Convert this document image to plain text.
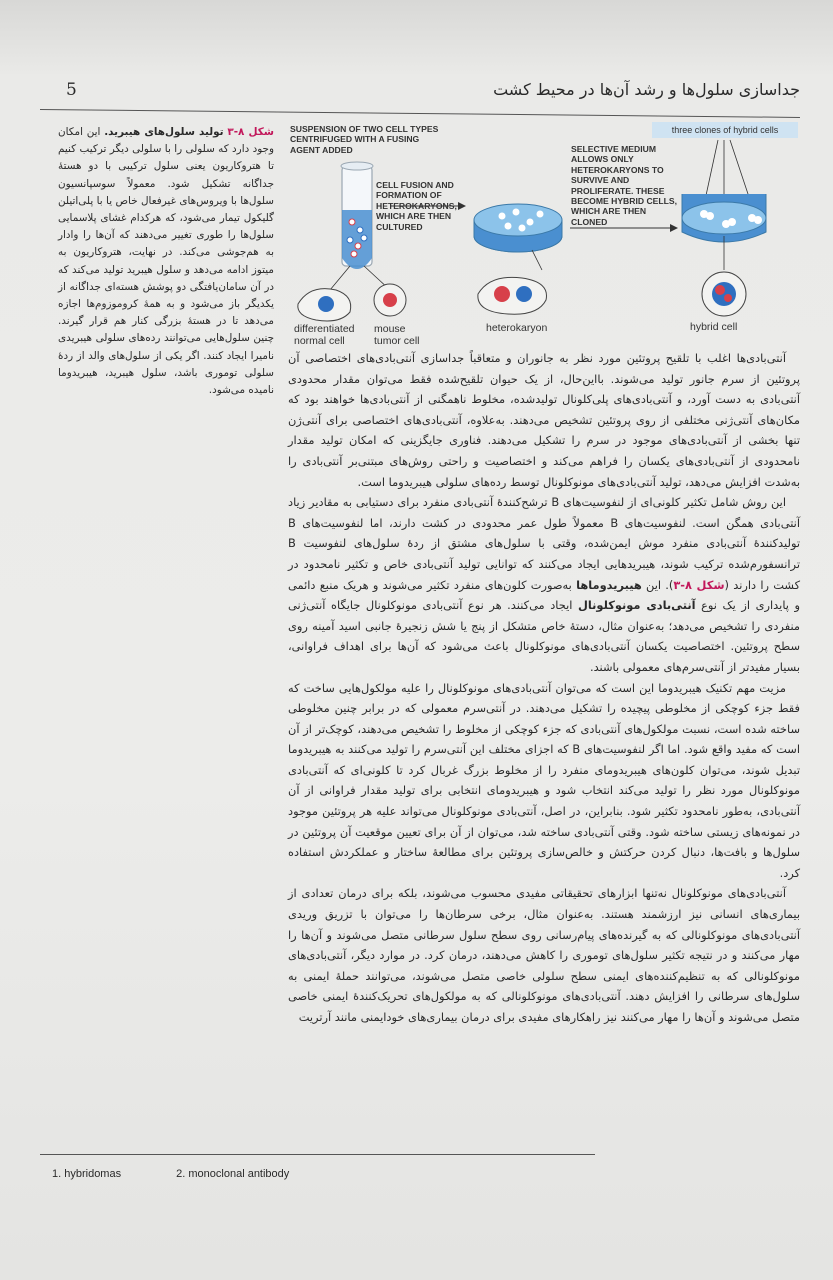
5	جداسازی سلول‌ها و رشد آن‌ها در محیط کشت
شکل ۸-۳ تولید سلول‌های هیبرید. این امکان وجود دارد که سلولی را با سلولی دیگر ترکیب کنیم تا هتروکاریون یعنی سلول ترکیبی با دو هستهٔ جداگانه تشکیل شود. معمولاً سوسپانسیون سلول‌ها با ویروس‌های غیرفعال خاص یا با پلی‌اتیلن گلیکول تیمار می‌شود، که هرکدام غشای پلاسمایی سلول‌ها را طوری تغییر می‌دهند که آن‌ها را وادار به هم‌جوشی می‌کند. در نهایت، هتروکاریون به میتوز ادامه می‌دهد و سلول هیبرید تولید می‌کند که در آن سامان‌یافتگی دو پوشش هسته‌ای جداگانه از یکدیگر باز می‌شود و به همهٔ کروموزوم‌ها اجازه می‌دهد تا در هستهٔ بزرگی کنار هم قرار گیرند. چنین سلول‌هایی می‌توانند رده‌های سلولی هیبریدی نامیرا ایجاد کنند. اگر یکی از سلول‌های والد از ردهٔ سلولی توموری باشد، سلول هیبرید، هیبریدوما نامیده می‌شود.
SUSPENSION OF TWO CELL TYPES CENTRIFUGED WITH A FUSING AGENT ADDED
CELL FUSION AND FORMATION OF HETEROKARYONS, WHICH ARE THEN CULTURED
SELECTIVE MEDIUM ALLOWS ONLY HETEROKARYONS TO SURVIVE AND PROLIFERATE. THESE BECOME HYBRID CELLS, WHICH ARE THEN CLONED
three clones of hybrid cells
differentiated normal cell
mouse tumor cell
heterokaryon	hybrid cell

آنتی‌بادی‌ها اغلب با تلقیح پروتئین مورد نظر به جانوران و متعاقباً جداسازی آنتی‌بادی‌های اختصاصی آن پروتئین از سرم جانور تولید می‌شوند. بااین‌حال، از یک حیوان تلقیح‌شده فقط می‌توان مقدار محدودی آنتی‌بادی به دست آورد، و آنتی‌بادی‌های پلی‌کلونال تولیدشده، مخلوط ناهمگنی از آنتی‌بادی‌ها خواهند بود که مکان‌های آنتی‌ژنی مختلفی از روی پروتئین تشخیص می‌دهند. به‌علاوه، آنتی‌بادی‌های اختصاصی برای آنتی‌ژن تنها بخشی از آنتی‌بادی‌های موجود در سرم را تشکیل می‌دهند. فناوری جایگزینی که امکان تولید مقدار نامحدودی از آنتی‌بادی‌های یکسان را فراهم می‌کند و اختصاصیت و راحتی روش‌های مبتنی‌بر آنتی‌بادی را به‌شدت افزایش می‌دهد، تولید آنتی‌بادی‌های مونوکلونال توسط رده‌های سلولی هیبریدوما است.

این روش شامل تکثیر کلونی‌ای از لنفوسیت‌های B ترشح‌کنندهٔ آنتی‌بادی منفرد برای دستیابی به مقادیر زیاد آنتی‌بادی همگن است. لنفوسیت‌های B معمولاً طول عمر محدودی در کشت دارند، اما لنفوسیت‌های B تولیدکنندهٔ آنتی‌بادی منفرد موش ایمن‌شده، وقتی با سلول‌های مشتق از ردهٔ سلول‌های لنفوسیت B ترانسفورم‌شده ترکیب شوند، هیبریدهایی ایجاد می‌کنند که توانایی تولید آنتی‌بادی خاص و تکثیر نامحدود در کشت را دارند (شکل ۸-۳). این هیبریدوماها به‌صورت کلون‌های منفرد تکثیر می‌شوند و هریک منبع دائمی و پایداری از یک نوع آنتی‌بادی مونوکلونال ایجاد می‌کنند. هر نوع آنتی‌بادی مونوکلونال جایگاه آنتی‌ژنی منفردی را تشخیص می‌دهد؛ به‌عنوان مثال، دستهٔ خاص متشکل از پنج یا شش زنجیرهٔ جانبی اسید آمینه روی سطح پروتئین. اختصاصیت یکسان آنتی‌بادی‌های مونوکلونال باعث می‌شود که آن‌ها برای اهداف فراوانی، بسیار مفیدتر از آنتی‌سرم‌های معمولی باشند.

مزیت مهم تکنیک هیبریدوما این است که می‌توان آنتی‌بادی‌های مونوکلونال را علیه مولکول‌هایی ساخت که فقط جزء کوچکی از مخلوطی پیچیده را تشکیل می‌دهند. در آنتی‌سرم معمولی که در برابر چنین مخلوطی ساخته شده است، نسبت مولکول‌های آنتی‌بادی که جزء کوچکی از مخلوط را تشخیص می‌دهند، کوچک‌تر از آن است که مفید واقع شود. اما اگر لنفوسیت‌های B که اجزای مختلف این آنتی‌سرم را تولید می‌کنند به هیبریدوما تبدیل شوند، می‌توان کلون‌های هیبریدومای منفرد را از مخلوط بزرگ غربال کرد تا کلونی‌ای که آنتی‌بادی مونوکلونال مورد نظر را تولید می‌کند انتخاب شود و هیبریدومای انتخابی برای تولید مقدار فراوانی از آن آنتی‌بادی، به‌طور نامحدود تکثیر شود. بنابراین، در اصل، آنتی‌بادی مونوکلونال می‌تواند علیه هر پروتئین موجود در نمونه‌های زیستی ساخته شود. وقتی آنتی‌بادی ساخته شد، می‌توان از آن برای تعیین موقعیت آن پروتئین در سلول‌ها و بافت‌ها، دنبال کردن حرکتش و خالص‌سازی پروتئین برای مطالعهٔ ساختار و عملکردش استفاده کرد.

آنتی‌بادی‌های مونوکلونال نه‌تنها ابزارهای تحقیقاتی مفیدی محسوب می‌شوند، بلکه برای درمان تعدادی از بیماری‌های انسانی نیز ارزشمند هستند. به‌عنوان مثال، برخی سرطان‌ها را می‌توان با تزریق وریدی آنتی‌بادی‌های مونوکلونالی که به گیرنده‌های پیام‌رسانی روی سطح سلول سرطانی متصل می‌شوند و آن‌ها را مهار می‌کنند و در نتیجه تکثیر سلول‌های توموری را کاهش می‌دهند، درمان کرد. در موارد دیگر، آنتی‌بادی‌های مونوکلونالی که به تنظیم‌کننده‌های ایمنی سطح سلولی خاصی متصل می‌شوند، می‌توانند حملهٔ ایمنی به سلول‌های سرطانی را افزایش دهند. آنتی‌بادی‌های مونوکلونالی که به مولکول‌های تحریک‌کنندهٔ ایمنی خاصی متصل می‌شوند و آن‌ها را مهار می‌کنند نیز راهکارهای مفیدی برای درمان بیماری‌های خودایمنی مانند آرتریت

1. hybridomas	2. monoclonal antibody
